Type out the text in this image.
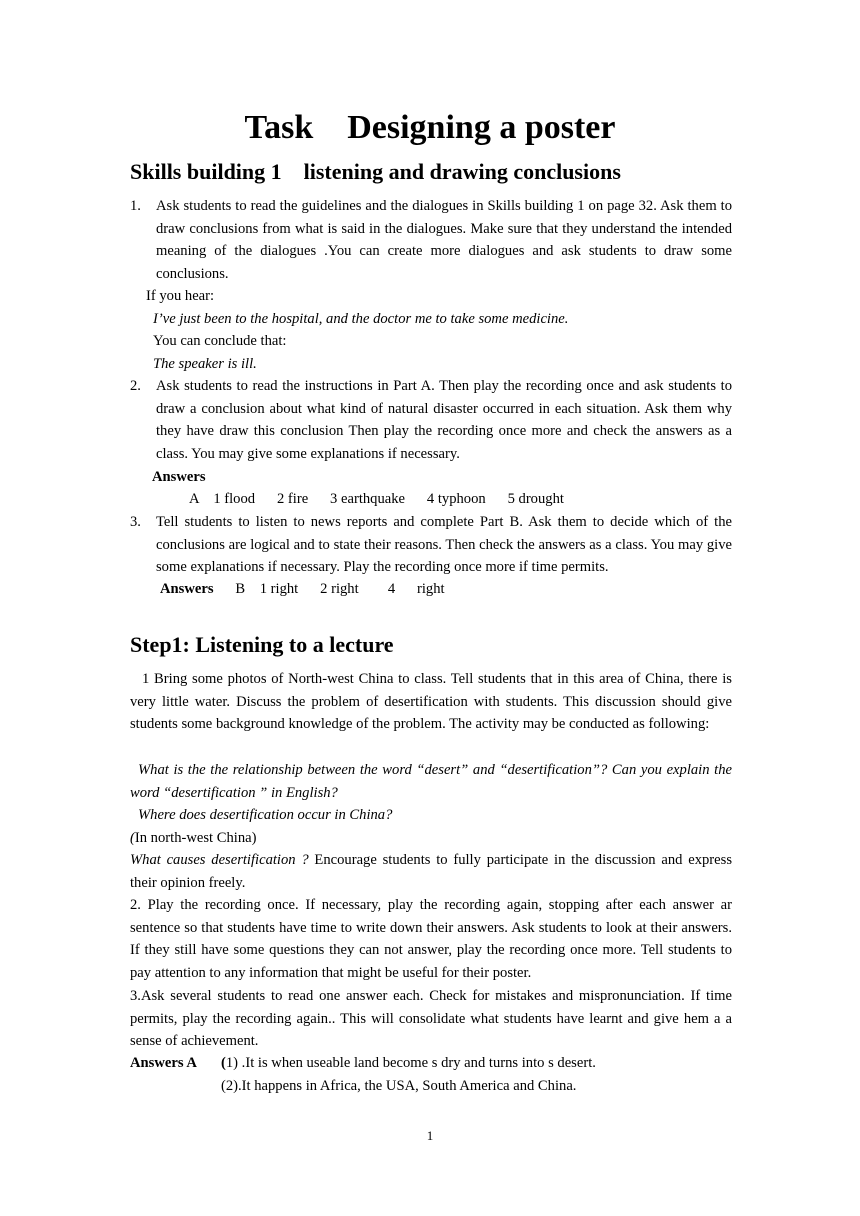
Task    Designing a poster
Skills building 1    listening and drawing conclusions
1. Ask students to read the guidelines and the dialogues in Skills building 1 on page 32. Ask them to draw conclusions from what is said in the dialogues. Make sure that they understand the intended meaning of the dialogues .You can create more dialogues and ask students to draw some conclusions.
If you hear:
I’ve just been to the hospital, and the doctor me to take some medicine.
You can conclude that:
The speaker is ill.
2. Ask students to read the instructions in Part A. Then play the recording once and ask students to draw a conclusion about what kind of natural disaster occurred in each situation. Ask them why they have draw this conclusion Then play the recording once more and check the answers as a class. You may give some explanations if necessary.
Answers
A    1 flood      2 fire      3 earthquake      4 typhoon      5 drought
3. Tell students to listen to news reports and complete Part B. Ask them to decide which of the conclusions are logical and to state their reasons. Then check the answers as a class. You may give some explanations if necessary. Play the recording once more if time permits.
Answers B    1 right      2 right        4      right
Step1: Listening to a lecture
1 Bring some photos of North-west China to class. Tell students that in this area of China, there is very little water. Discuss the problem of desertification with students. This discussion should give students some background knowledge of the problem. The activity may be conducted as following:
What is the the relationship between the word “desert” and “desertification”? Can you explain the word “desertification ” in English?
Where does desertification occur in China?
(In north-west China)
What causes desertification ? Encourage students to fully participate in the discussion and express their opinion freely.
2. Play the recording once. If necessary, play the recording again, stopping after each answer ar sentence so that students have time to write down their answers. Ask students to look at their answers. If they still have some questions they can not answer, play the recording once more. Tell students to pay attention to any information that might be useful for their poster.
3.Ask several students to read one answer each. Check for mistakes and mispronunciation. If time permits, play the recording again.. This will consolidate what students have learnt and give hem a a sense of achievement.
Answers A (1) .It is when useable land become s dry and turns into s desert.
(2).It happens in Africa, the USA, South America and China.
1
